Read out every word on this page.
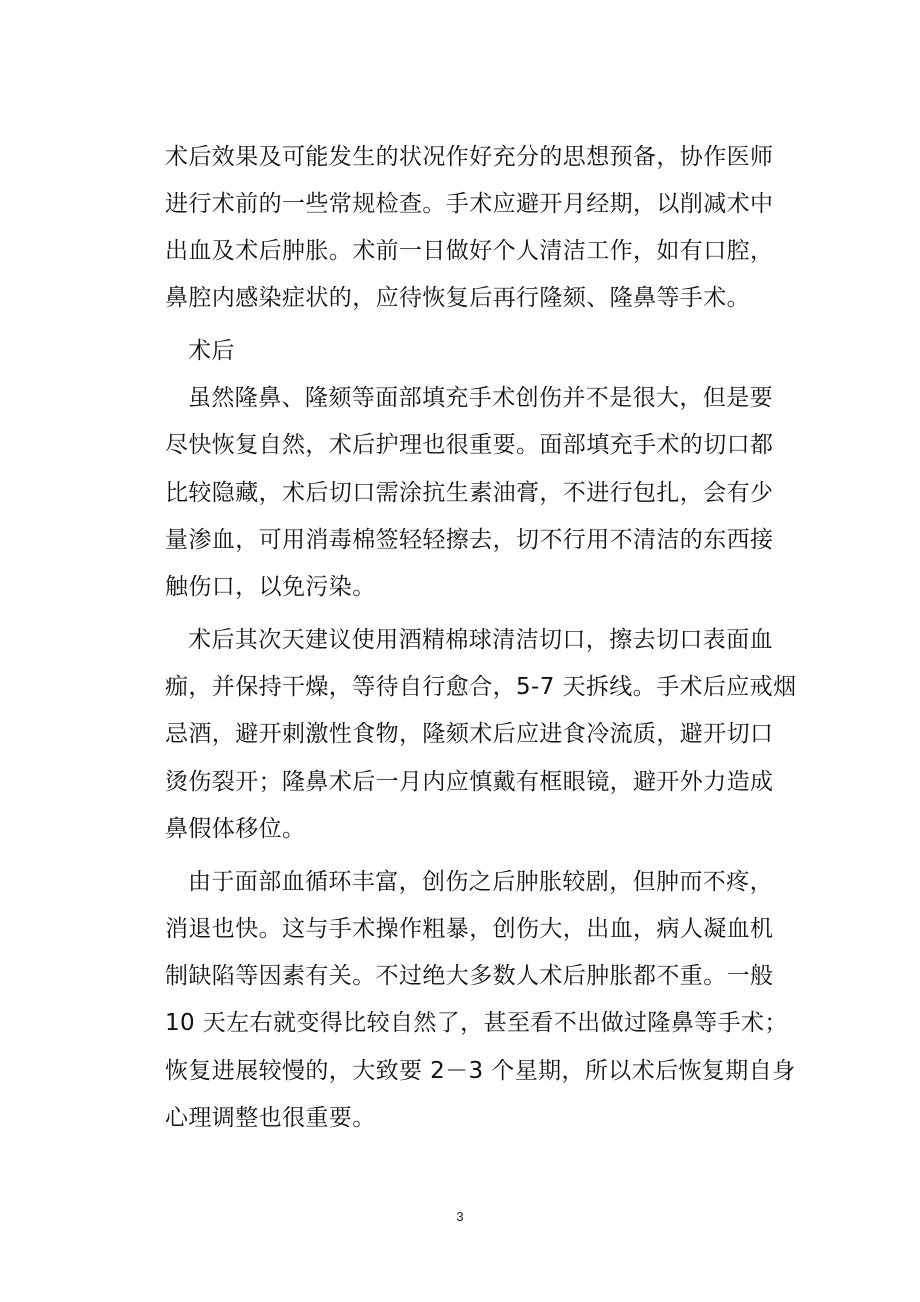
术后效果及可能发生的状况作好充分的思想预备，协作医师

进行术前的一些常规检查。手术应避开月经期，以削减术中

出血及术后肿胀。术前一日做好个人清洁工作，如有口腔，

鼻腔内感染症状的，应待恢复后再行隆颏、隆鼻等手术。

术后

虽然隆鼻、隆颏等面部填充手术创伤并不是很大，但是要

尽快恢复自然，术后护理也很重要。面部填充手术的切口都

比较隐藏，术后切口需涂抗生素油膏，不进行包扎，会有少

量渗血，可用消毒棉签轻轻擦去，切不行用不清洁的东西接

触伤口，以免污染。

术后其次天建议使用酒精棉球清洁切口，擦去切口表面血

痂，并保持干燥，等待自行愈合，5-7 天拆线。手术后应戒烟

忌酒，避开刺激性食物，隆颏术后应进食冷流质，避开切口

烫伤裂开；隆鼻术后一月内应慎戴有框眼镜，避开外力造成

鼻假体移位。

由于面部血循环丰富，创伤之后肿胀较剧，但肿而不疼，

消退也快。这与手术操作粗暴，创伤大，出血，病人凝血机

制缺陷等因素有关。不过绝大多数人术后肿胀都不重。一般

10 天左右就变得比较自然了，甚至看不出做过隆鼻等手术；

恢复进展较慢的，大致要 2－3 个星期，所以术后恢复期自身

心理调整也很重要。

3
